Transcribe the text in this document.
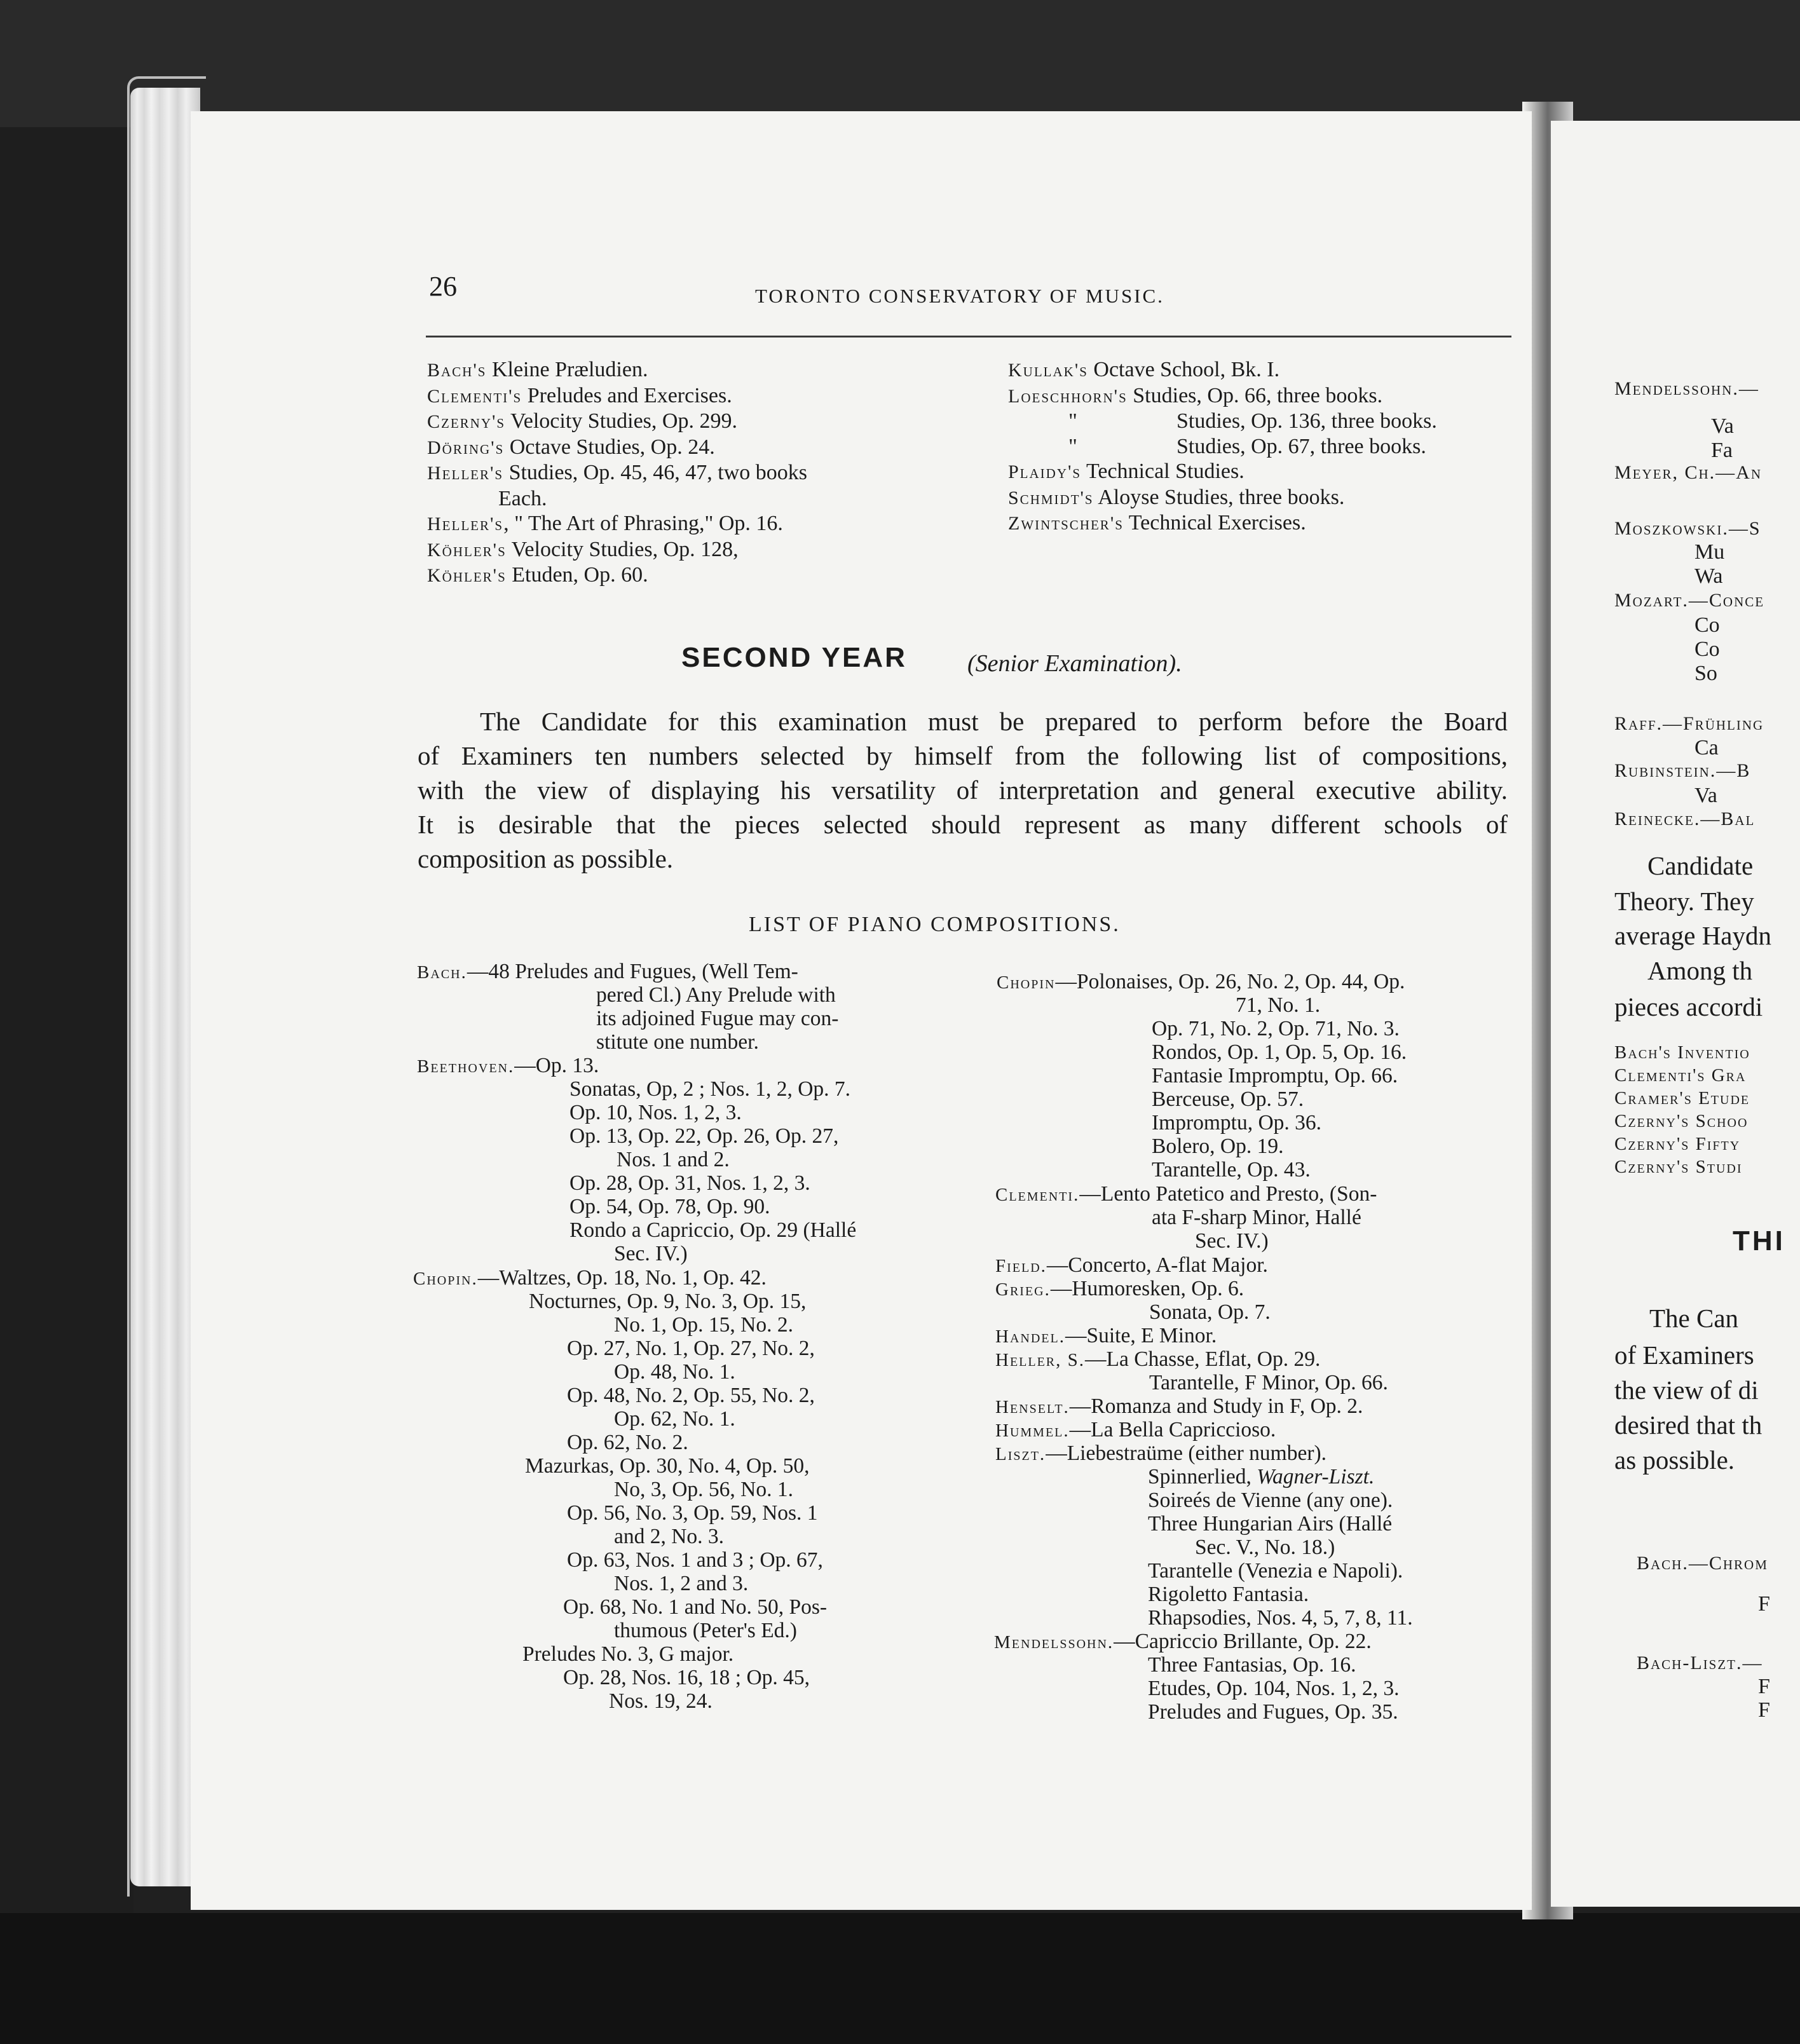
Mendelssohn.—
Va
Fa
Meyer, Ch.—An
Moszkowski.—S
Mu
Wa
Mozart.—Conce
Co
Co
So
Raff.—Frühling
Ca
Rubinstein.—B
Va
Reinecke.—Bal
Candidate
Theory. They
average Haydn
Among th
pieces accordi
Bach's Inventio
Clementi's Gra
Cramer's Etude
Czerny's Schoo
Czerny's Fifty
Czerny's Studi
THI
The Can
of Examiners
the view of di
desired that th
as possible.
Bach.—Chrom
F
Bach-Liszt.—
F
F
26	TORONTO CONSERVATORY OF MUSIC.
Bach's Kleine Præludien.
Clementi's Preludes and Exercises.
Czerny's Velocity Studies, Op. 299.
Döring's Octave Studies, Op. 24.
Heller's Studies, Op. 45, 46, 47, two books
Each.
Heller's, " The Art of Phrasing," Op. 16.
Köhler's Velocity Studies, Op. 128,
Köhler's Etuden, Op. 60.
Kullak's Octave School, Bk. I.
Loeschhorn's Studies, Op. 66, three books.
"	Studies, Op. 136, three books.
"	Studies, Op. 67, three books.
Plaidy's Technical Studies.
Schmidt's Aloyse Studies, three books.
Zwintscher's Technical Exercises.
SECOND YEAR	(Senior Examination).
The Candidate for this examination must be prepared to perform before the Board
of Examiners ten numbers selected by himself from the following list of compositions,
with the view of displaying his versatility of interpretation and general executive ability.
It is desirable that the pieces selected should represent as many different schools of
composition as possible.
LIST OF PIANO COMPOSITIONS.
Bach.—48 Preludes and Fugues, (Well Tem-
pered Cl.) Any Prelude with
its adjoined Fugue may con-
stitute one number.
Beethoven.—Op. 13.
Sonatas, Op, 2 ; Nos. 1, 2, Op. 7.
Op. 10, Nos. 1, 2, 3.
Op. 13, Op. 22, Op. 26, Op. 27,
Nos. 1 and 2.
Op. 28, Op. 31, Nos. 1, 2, 3.
Op. 54, Op. 78, Op. 90.
Rondo a Capriccio, Op. 29 (Hallé
Sec. IV.)
Chopin.—Waltzes, Op. 18, No. 1, Op. 42.
Nocturnes, Op. 9, No. 3, Op. 15,
No. 1, Op. 15, No. 2.
Op. 27, No. 1, Op. 27, No. 2,
Op. 48, No. 1.
Op. 48, No. 2, Op. 55, No. 2,
Op. 62, No. 1.
Op. 62, No. 2.
Mazurkas, Op. 30, No. 4, Op. 50,
No, 3, Op. 56, No. 1.
Op. 56, No. 3, Op. 59, Nos. 1
and 2, No. 3.
Op. 63, Nos. 1 and 3 ; Op. 67,
Nos. 1, 2 and 3.
Op. 68, No. 1 and No. 50, Pos-
thumous (Peter's Ed.)
Preludes No. 3, G major.
Op. 28, Nos. 16, 18 ; Op. 45,
Nos. 19, 24.
Chopin—Polonaises, Op. 26, No. 2, Op. 44, Op.
71, No. 1.
Op. 71, No. 2, Op. 71, No. 3.
Rondos, Op. 1, Op. 5, Op. 16.
Fantasie Impromptu, Op. 66.
Berceuse, Op. 57.
Impromptu, Op. 36.
Bolero, Op. 19.
Tarantelle, Op. 43.
Clementi.—Lento Patetico and Presto, (Son-
ata F-sharp Minor, Hallé
Sec. IV.)
Field.—Concerto, A-flat Major.
Grieg.—Humoresken, Op. 6.
Sonata, Op. 7.
Handel.—Suite, E Minor.
Heller, S.—La Chasse, Eflat, Op. 29.
Tarantelle, F Minor, Op. 66.
Henselt.—Romanza and Study in F, Op. 2.
Hummel.—La Bella Capriccioso.
Liszt.—Liebestraüme (either number).
Spinnerlied, Wagner-Liszt.
Soireés de Vienne (any one).
Three Hungarian Airs (Hallé
Sec. V., No. 18.)
Tarantelle (Venezia e Napoli).
Rigoletto Fantasia.
Rhapsodies, Nos. 4, 5, 7, 8, 11.
Mendelssohn.—Capriccio Brillante, Op. 22.
Three Fantasias, Op. 16.
Etudes, Op. 104, Nos. 1, 2, 3.
Preludes and Fugues, Op. 35.
